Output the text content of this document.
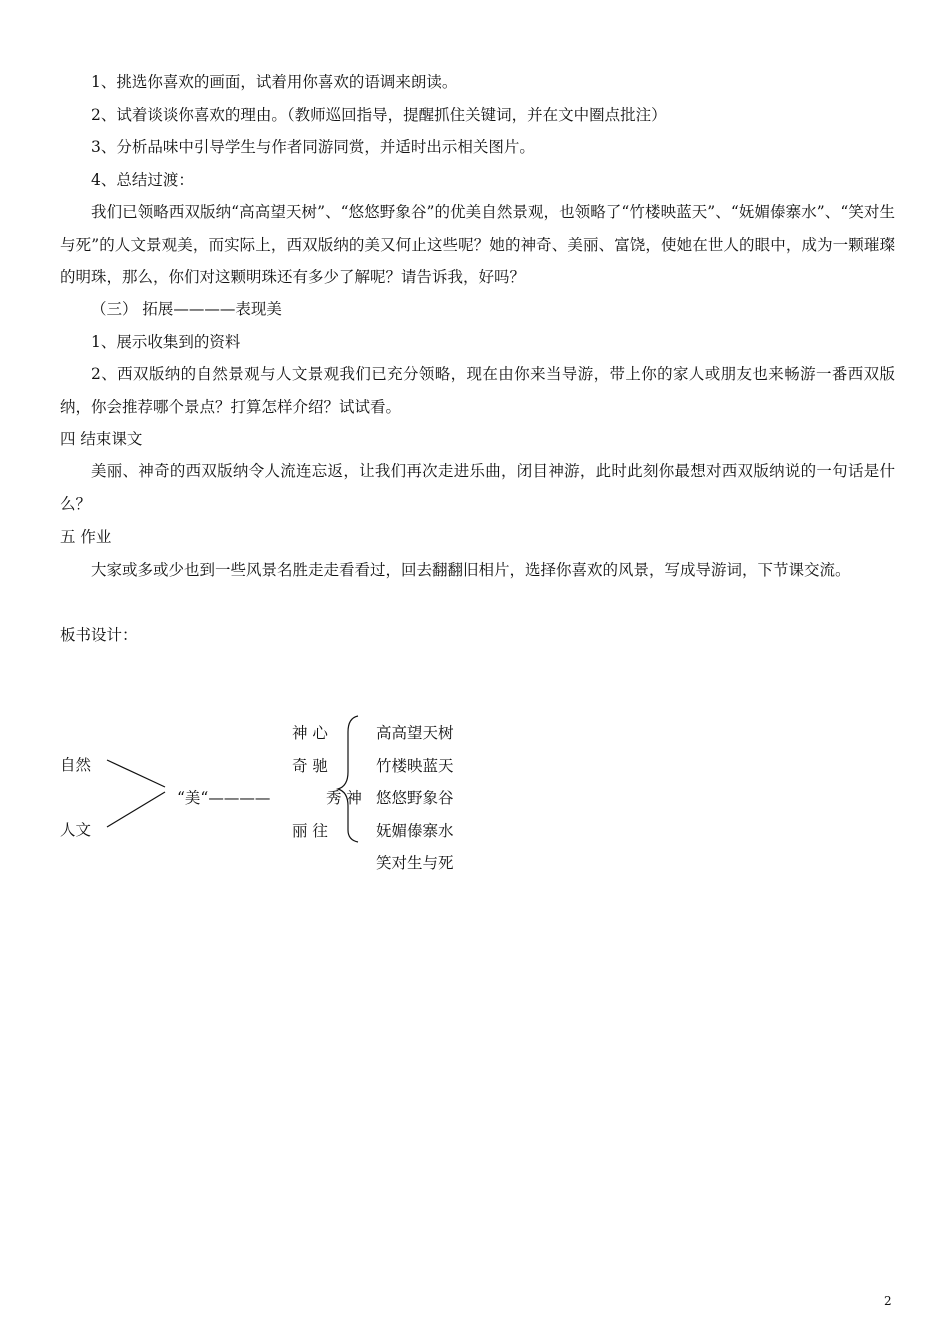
1、挑选你喜欢的画面，试着用你喜欢的语调来朗读。
2、试着谈谈你喜欢的理由。（教师巡回指导，提醒抓住关键词，并在文中圈点批注）
3、分析品味中引导学生与作者同游同赏，并适时出示相关图片。
4、总结过渡：
我们已领略西双版纳“高高望天树”、“悠悠野象谷”的优美自然景观，也领略了“竹楼映蓝天”、“妩媚傣寨水”、“笑对生与死”的人文景观美，而实际上，西双版纳的美又何止这些呢？她的神奇、美丽、富饶，使她在世人的眼中，成为一颗璀璨的明珠，那么，你们对这颗明珠还有多少了解呢？请告诉我，好吗？
（三） 拓展————表现美
1、展示收集到的资料
2、西双版纳的自然景观与人文景观我们已充分领略，现在由你来当导游，带上你的家人或朋友也来畅游一番西双版纳，你会推荐哪个景点？打算怎样介绍？试试看。
四 结束课文
美丽、神奇的西双版纳令人流连忘返，让我们再次走进乐曲，闭目神游，此时此刻你最想对西双版纳说的一句话是什么？
五 作业
大家或多或少也到一些风景名胜走走看看过，回去翻翻旧相片，选择你喜欢的风景，写成导游词，下节课交流。
板书设计：
自然
人文
“美“————
神 心
奇 驰
秀 神
丽 往
高高望天树
竹楼映蓝天
悠悠野象谷
妩媚傣寨水
笑对生与死
2
